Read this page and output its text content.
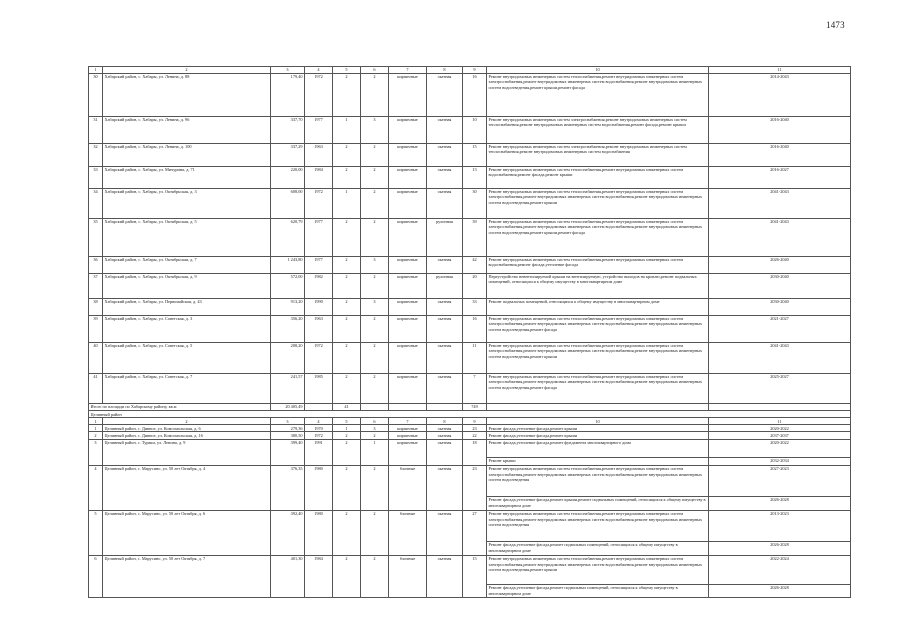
1473
1	2	3	4	5	6	7	8	9	10	11
30	Хабарский район, с. Хабары, ул. Ленина, д. 88	179,40	1972	2	2	кирпичные	скатная	16	Ремонт внутридомовых инженерных систем теплоснабжения,ремонт внутридомовых инженерных систем электроснабжения,ремонт внутридомовых инженерных систем водоснабжения,ремонт внутридомовых инженерных систем водоотведения,ремонт крыши,ремонт фасада	2014-2043
31	Хабарский район, с. Хабары, ул. Ленина, д. 96	337,70	1977	1	3	кирпичные	скатная	10	Ремонт внутридомовых инженерных систем электроснабжения,ремонт внутридомовых инженерных систем теплоснабжения,ремонт внутридомовых инженерных систем водоснабжения,ремонт фасада,ремонт крыши	2016-2040
32	Хабарский район, с. Хабары, ул. Ленина, д. 100	337,29	1963	2	2	кирпичные	скатная	15	Ремонт внутридомовых инженерных систем электроснабжения,ремонт внутридомовых инженерных систем теплоснабжения,ремонт внутридомовых инженерных систем водоснабжения	2016-2040
33	Хабарский район, с. Хабары, ул. Мичурина, д. 71	220,00	1984	2	2	кирпичные	скатная	13	Ремонт внутридомовых инженерных систем теплоснабжения,ремонт внутридомовых инженерных систем водоснабжения,ремонт фасада,ремонт крыши	2016-2027
34	Хабарский район, с. Хабары, ул. Октябрьская, д. 3	608,00	1972	1	2	кирпичные	скатная	30	Ремонт внутридомовых инженерных систем теплоснабжения,ремонт внутридомовых инженерных систем электроснабжения,ремонт внутридомовых инженерных систем водоснабжения,ремонт внутридомовых инженерных систем водоотведения,ремонт крыши	2041-2043
35	Хабарский район, с. Хабары, ул. Октябрьская, д. 5	620,79	1977	2	2	кирпичные	рулонная	39	Ремонт внутридомовых инженерных систем теплоснабжения,ремонт внутридомовых инженерных систем электроснабжения,ремонт внутридомовых инженерных систем водоснабжения,ремонт внутридомовых инженерных систем водоотведения,ремонт крыши,ремонт фасада	2041-2043
36	Хабарский район, с. Хабары, ул. Октябрьская, д. 7	1 243,80	1977	2	3	кирпичные	скатная	42	Ремонт внутридомовых инженерных систем теплоснабжения,ремонт внутридомовых инженерных систем водоснабжения,ремонт фасада,утепление фасада	2026-2040
37	Хабарский район, с. Хабары, ул. Октябрьская, д. 9	572,00	1982	2	2	кирпичные	рулонная	20	Переустройство невентилируемой крыши на вентилируемую, устройство выходов на кровлю,ремонт подвальных помещений, относящихся к общему имуществу в многоквартирном доме	2030-2040
38	Хабарский район, с. Хабары, ул. Первомайская, д. 43	913,20	1990	2	3	кирпичные	скатная	33	Ремонт подвальных помещений, относящихся к общему имуществу в многоквартирном доме	2030-2040
39	Хабарский район, с. Хабары, ул. Советская, д. 3	356,20	1963	2	2	кирпичные	скатная	16	Ремонт внутридомовых инженерных систем теплоснабжения,ремонт внутридомовых инженерных систем электроснабжения,ремонт внутридомовых инженерных систем водоснабжения,ремонт внутридомовых инженерных систем водоотведения,ремонт фасада	2021-2027
40	Хабарский район, с. Хабары, ул. Советская, д. 5	208,20	1972	2	2	кирпичные	скатная	11	Ремонт внутридомовых инженерных систем теплоснабжения,ремонт внутридомовых инженерных систем электроснабжения,ремонт внутридомовых инженерных систем водоснабжения,ремонт внутридомовых инженерных систем водоотведения,ремонт крыши	2041-2043
41	Хабарский район, с. Хабары, ул. Советская, д. 7	241,57	1985	2	2	кирпичные	скатная	7	Ремонт внутридомовых инженерных систем теплоснабжения,ремонт внутридомовых инженерных систем электроснабжения,ремонт внутридомовых инженерных систем водоснабжения,ремонт внутридомовых инженерных систем водоотведения,ремонт фасада	2025-2027
Итого по площади по Хабарскому району, кв.м		20 405,49		41				749		
Целинный район										
1	2	3	4	5	6	7	8	9	10	11
1	Целинный район, с. Дивное, ул. Комсомольская, д. 6	279,36	1970	1	3	кирпичные	скатная	23	Ремонт фасада,утепление фасада,ремонт крыши	2020-2022
2	Целинный район, с. Дивное, ул. Комсомольская, д. 16	380,50	1972	2	2	кирпичные	скатная	22	Ремонт фасада,утепление фасада,ремонт крыши	2037-2037
3	Целинный район, с. Тураки, ул. Ленина, д. 9	399,40	1991	2	1	кирпичные	скатная	18	Ремонт фасада,утепление фасада,ремонт фундамента многоквартирного дома	2020-2022
									Ремонт крыши	2032-2034
4	Целинный район, с. Марусино, ул. 50 лет Октября, д. 4	376,35	1980	2	2	блочные	скатная	23	Ремонт внутридомовых инженерных систем теплоснабжения,ремонт внутридомовых инженерных систем электроснабжения,ремонт внутридомовых инженерных систем водоснабжения,ремонт внутридомовых инженерных систем водоотведения	2027-2023
									Ремонт фасада,утепление фасада,ремонт крыши,ремонт подвальных помещений, относящихся к общему имуществу в многоквартирном доме	2026-2028
5	Целинный район, с. Марусино, ул. 50 лет Октября, д. 6	392,40	1980	2	2	блочные	скатная	27	Ремонт внутридомовых инженерных систем теплоснабжения,ремонт внутридомовых инженерных систем электроснабжения,ремонт внутридомовых инженерных систем водоснабжения,ремонт внутридомовых инженерных систем водоотведения	2013-2023
									Ремонт фасада,утепление фасада,ремонт подвальных помещений, относящихся к общему имуществу в многоквартирном доме	2026-2028
6	Целинный район, с. Марусино, ул. 50 лет Октября, д. 7	401,30	1984	2	2	блочные	скатная	15	Ремонт внутридомовых инженерных систем теплоснабжения,ремонт внутридомовых инженерных систем электроснабжения,ремонт внутридомовых инженерных систем водоснабжения,ремонт внутридомовых инженерных систем водоотведения,ремонт крыши	2022-2024
									Ремонт фасада,утепление фасада,ремонт подвальных помещений, относящихся к общему имуществу в многоквартирном доме	2026-2028
